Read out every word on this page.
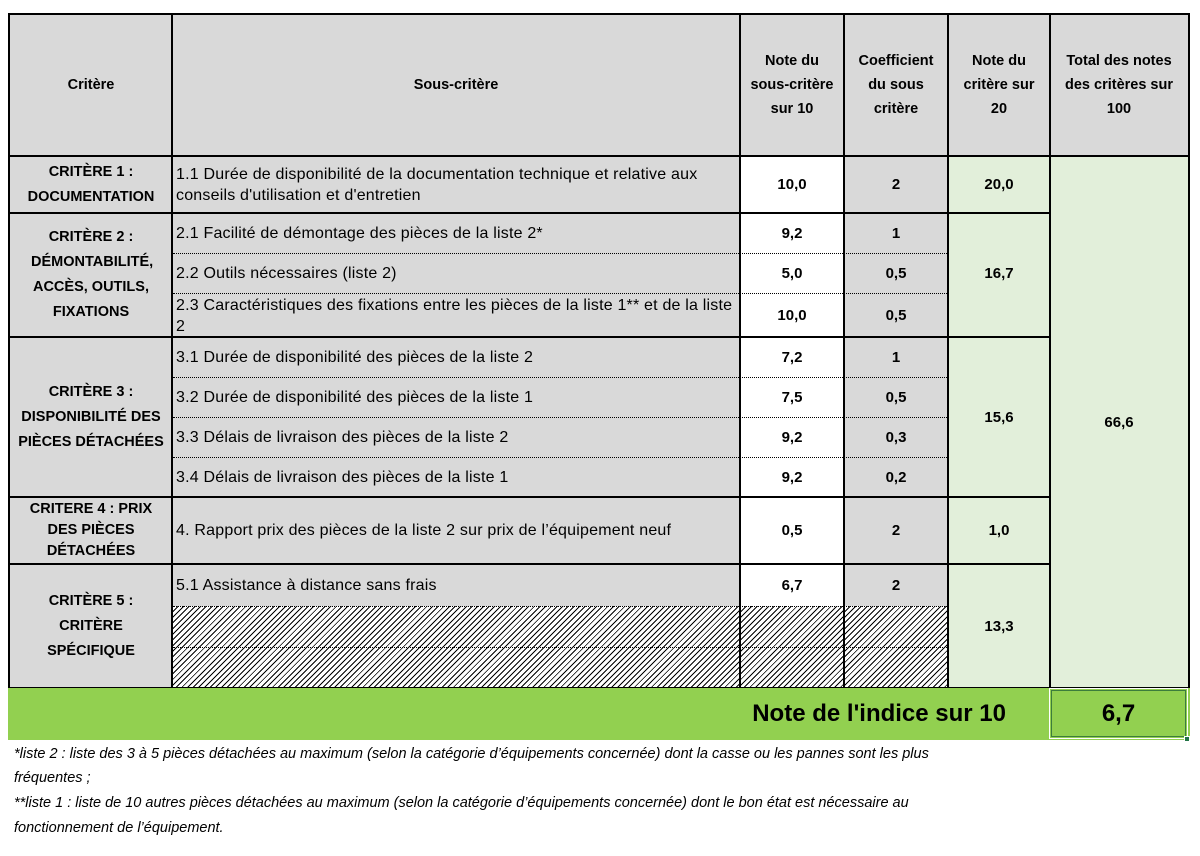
Critère	Sous-critère
Note du sous-critère sur 10
Coefficient du sous critère
Note du critère sur 20
Total des notes des critères sur 100
CRITÈRE 1 : DOCUMENTATION
CRITÈRE 2 : DÉMONTABILITÉ, ACCÈS, OUTILS, FIXATIONS
CRITÈRE 3 : DISPONIBILITÉ DES PIÈCES DÉTACHÉES
CRITERE 4 : PRIX DES PIÈCES DÉTACHÉES
CRITÈRE 5 : CRITÈRE SPÉCIFIQUE
1.1 Durée de disponibilité de la documentation technique et relative aux conseils d'utilisation et d'entretien
2.1 Facilité de démontage des pièces de la liste 2*
2.2 Outils nécessaires (liste 2)
2.3 Caractéristiques des fixations entre les pièces de la liste 1** et de la liste 2
3.1 Durée de disponibilité des pièces de la liste 2
3.2 Durée de disponibilité des pièces de la liste 1
3.3 Délais de livraison des pièces de la liste 2
3.4 Délais de livraison des pièces de la liste 1
4. Rapport prix des pièces de la liste 2 sur prix de l’équipement neuf
5.1 Assistance à distance sans frais
10,0
9,2
5,0
10,0
7,2
7,5
9,2
9,2
0,5
6,7
2
1
0,5
0,5
1
0,5
0,3
0,2
2
2
20,0
16,7
15,6
1,0
13,3
66,6
Note de l'indice sur 10	6,7
*liste 2 : liste des 3 à 5 pièces détachées au maximum (selon la catégorie d’équipements concernée) dont la casse ou les pannes sont les plus
fréquentes ;
**liste 1 : liste de 10 autres pièces détachées au maximum (selon la catégorie d’équipements concernée) dont le bon état est nécessaire au
fonctionnement de l’équipement.
